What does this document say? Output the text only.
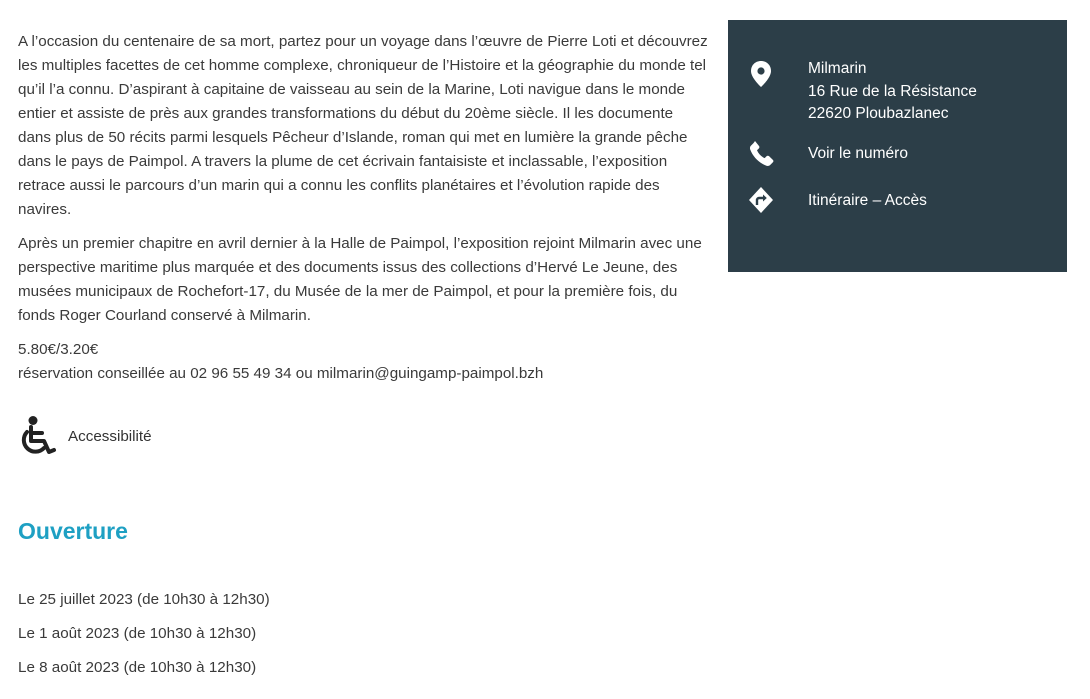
A l’occasion du centenaire de sa mort, partez pour un voyage dans l’œuvre de Pierre Loti et découvrez les multiples facettes de cet homme complexe, chroniqueur de l’Histoire et la géographie du monde tel qu’il l’a connu. D’aspirant à capitaine de vaisseau au sein de la Marine, Loti navigue dans le monde entier et assiste de près aux grandes transformations du début du 20ème siècle. Il les documente dans plus de 50 récits parmi lesquels Pêcheur d’Islande, roman qui met en lumière la grande pêche dans le pays de Paimpol. A travers la plume de cet écrivain fantaisiste et inclassable, l’exposition retrace aussi le parcours d’un marin qui a connu les conflits planétaires et l’évolution rapide des navires.

Après un premier chapitre en avril dernier à la Halle de Paimpol, l’exposition rejoint Milmarin avec une perspective maritime plus marquée et des documents issus des collections d’Hervé Le Jeune, des musées municipaux de Rochefort-17, du Musée de la mer de Paimpol, et pour la première fois, du fonds Roger Courland conservé à Milmarin.

5.80€/3.20€
réservation conseillée au 02 96 55 49 34 ou milmarin@guingamp-paimpol.bzh
Accessibilité
Ouverture
Le 25 juillet 2023 (de 10h30 à 12h30)
Le 1 août 2023 (de 10h30 à 12h30)
Le 8 août 2023 (de 10h30 à 12h30)
Milmarin
16 Rue de la Résistance
22620 Ploubazlanec
Voir le numéro
Itinéraire – Accès
